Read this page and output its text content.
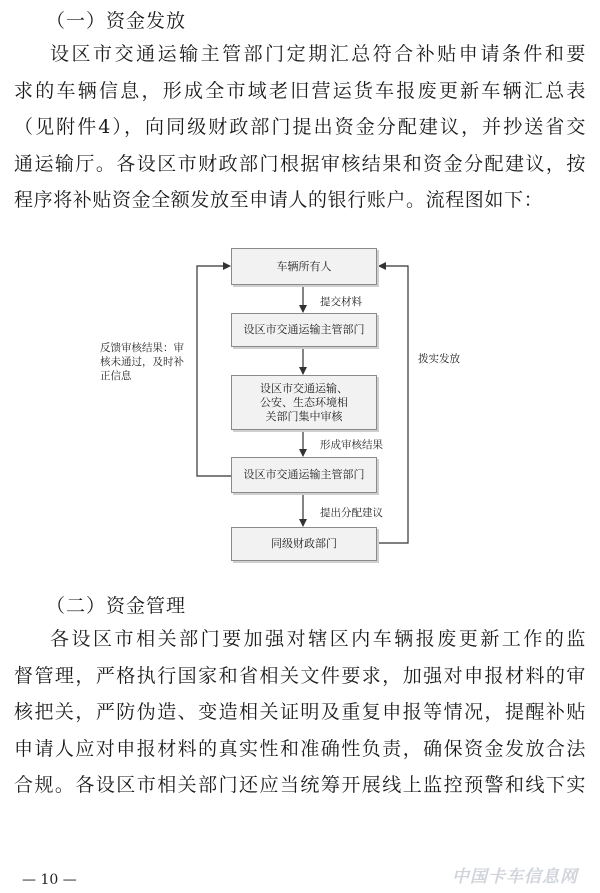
（一）资金发放
设区市交通运输主管部门定期汇总符合补贴申请条件和要
求的车辆信息，形成全市域老旧营运货车报废更新车辆汇总表
（见附件4），向同级财政部门提出资金分配建议，并抄送省交
通运输厅。各设区市财政部门根据审核结果和资金分配建议，按
程序将补贴资金全额发放至申请人的银行账户。流程图如下：
车辆所有人
设区市交通运输主管部门
设区市交通运输、公安、生态环境相关部门集中审核
设区市交通运输主管部门
同级财政部门
提交材料
形成审核结果
提出分配建议
拨实发放
反馈审核结果：审核未通过，及时补正信息
（二）资金管理
各设区市相关部门要加强对辖区内车辆报废更新工作的监
督管理，严格执行国家和省相关文件要求，加强对申报材料的审
核把关，严防伪造、变造相关证明及重复申报等情况，提醒补贴
申请人应对申报材料的真实性和准确性负责，确保资金发放合法
合规。各设区市相关部门还应当统筹开展线上监控预警和线下实
— 10 —	中国卡车信息网
